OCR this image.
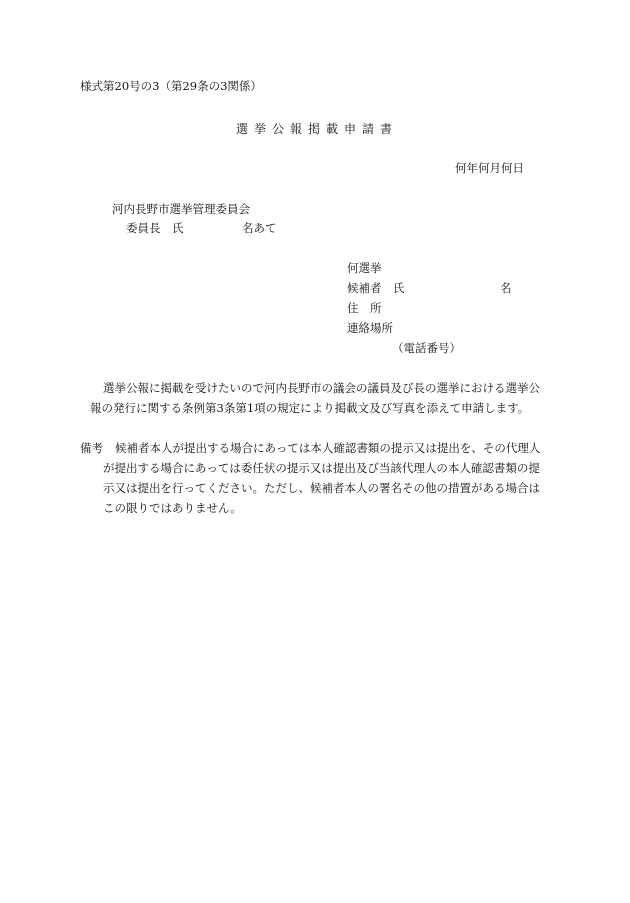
様式第20号の3（第29条の3関係）
選挙公報掲載申請書
何年何月何日
河内長野市選挙管理委員会
委員長　氏	名あて
何選挙
候補者　氏	名
住　所
連絡場所
（電話番号）
選挙公報に掲載を受けたいので河内長野市の議会の議員及び長の選挙における選挙公
報の発行に関する条例第3条第1項の規定により掲載文及び写真を添えて申請します。
備考 候補者本人が提出する場合にあっては本人確認書類の提示又は提出を、その代理人
が提出する場合にあっては委任状の提示又は提出及び当該代理人の本人確認書類の提
示又は提出を行ってください。ただし、候補者本人の署名その他の措置がある場合は
この限りではありません。
